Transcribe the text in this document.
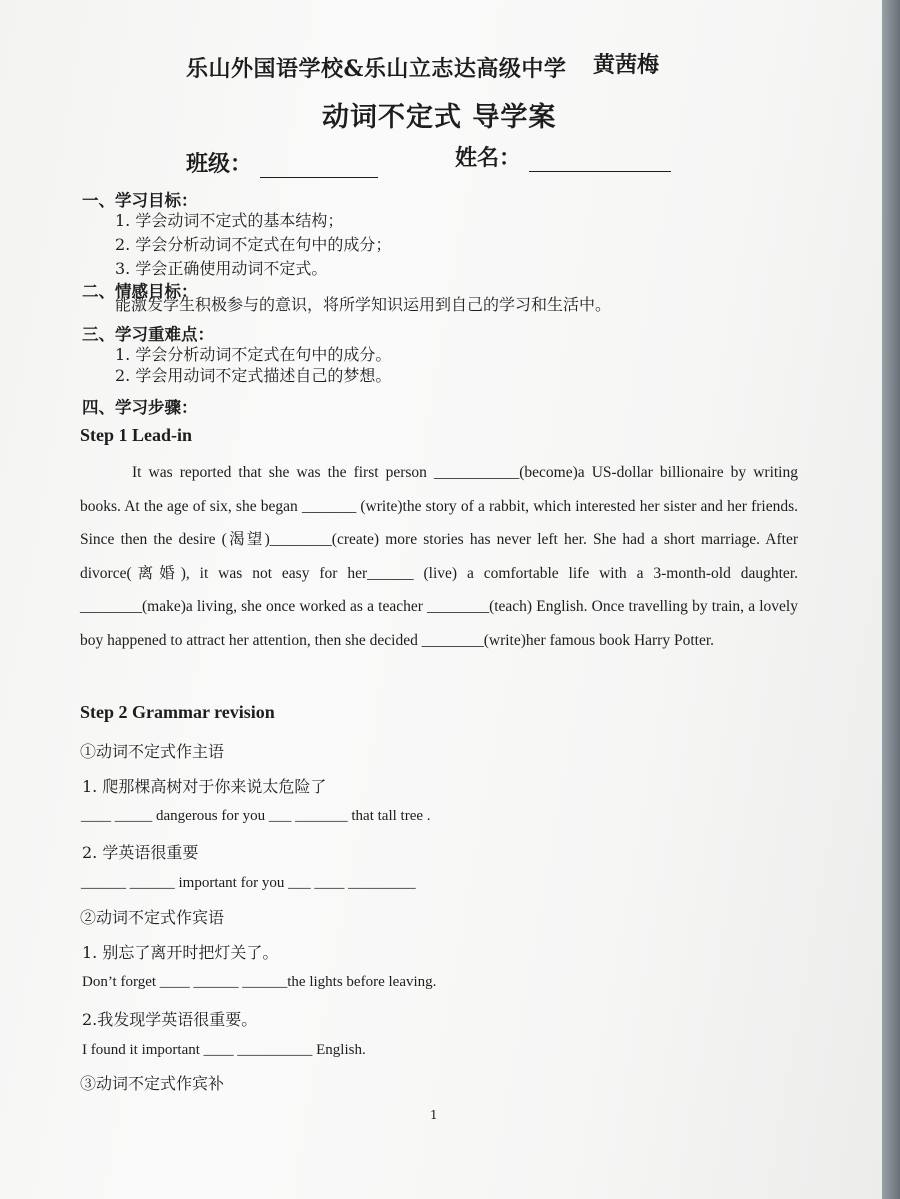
乐山外国语学校&乐山立志达高级中学 黄茜梅
动词不定式 导学案
班级：	姓名：
一、学习目标：
1. 学会动词不定式的基本结构；
2. 学会分析动词不定式在句中的成分；
3. 学会正确使用动词不定式。
二、情感目标：
能激发学生积极参与的意识，将所学知识运用到自己的学习和生活中。
三、学习重难点：
1. 学会分析动词不定式在句中的成分。
2. 学会用动词不定式描述自己的梦想。
四、学习步骤：
Step 1 Lead-in

It was reported that she was the first person ___________(become)a US-dollar billionaire by writing books. At the age of six, she began _______ (write)the story of a rabbit, which interested her sister and her friends. Since then the desire (渴望)________(create) more stories has never left her. She had a short marriage. After divorce(离婚), it was not easy for her______ (live) a comfortable life with a 3-month-old daughter. ________(make)a living, she once worked as a teacher ________(teach) English. Once travelling by train, a lovely boy happened to attract her attention, then she decided ________(write)her famous book Harry Potter.

Step 2 Grammar revision
①动词不定式作主语
1. 爬那棵高树对于你来说太危险了
____ _____ dangerous for you ___ _______ that tall tree .
2. 学英语很重要
______ ______ important for you ___ ____ _________
②动词不定式作宾语
1. 别忘了离开时把灯关了。
Don’t forget ____ ______ ______the lights before leaving.
2.我发现学英语很重要。
I found it important ____ __________ English.
③动词不定式作宾补
1
